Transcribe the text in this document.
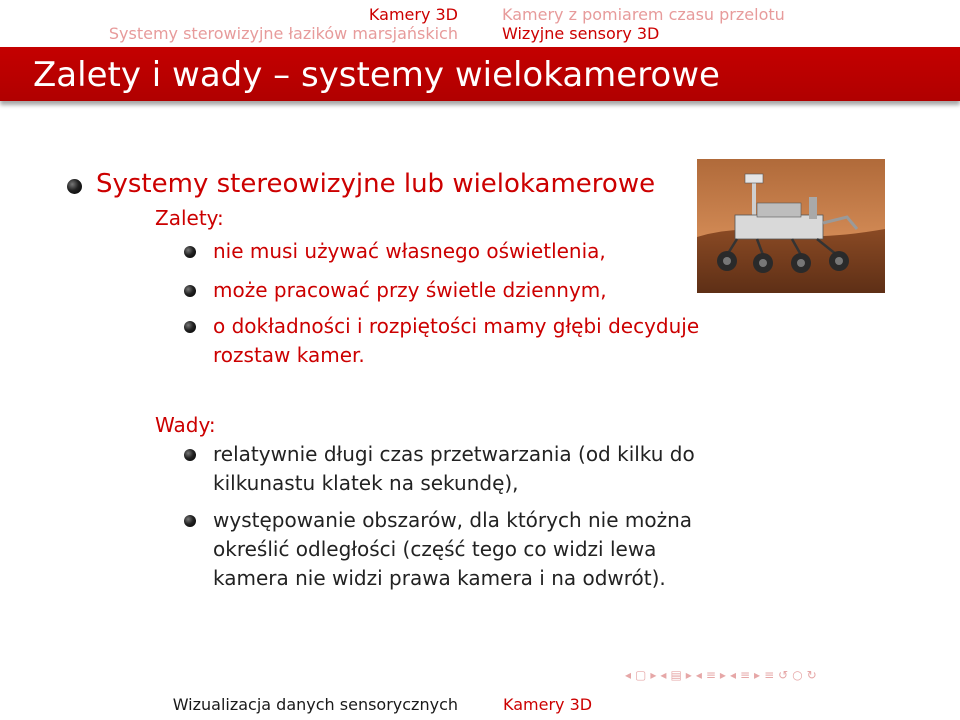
Kamery 3D
Systemy sterowizyjne łazików marsjańskich
Kamery z pomiarem czasu przelotu
Wizyjne sensory 3D
Zalety i wady – systemy wielokamerowe
Systemy stereowizyjne lub wielokamerowe
Zalety:
nie musi używać własnego oświetlenia,
może pracować przy świetle dziennym,
o dokładności i rozpiętości mamy głębi decyduje rozstaw kamer.
Wady:
relatywnie długi czas przetwarzania (od kilku do kilkunastu klatek na sekundę),
występowanie obszarów, dla których nie można określić odległości (część tego co widzi lewa kamera nie widzi prawa kamera i na odwrót).
◂ ▢ ▸ ◂ ▤ ▸ ◂ ≡ ▸ ◂ ≡ ▸ ≡ ↺ ○ ↻
Wizualizacja danych sensorycznych	Kamery 3D
